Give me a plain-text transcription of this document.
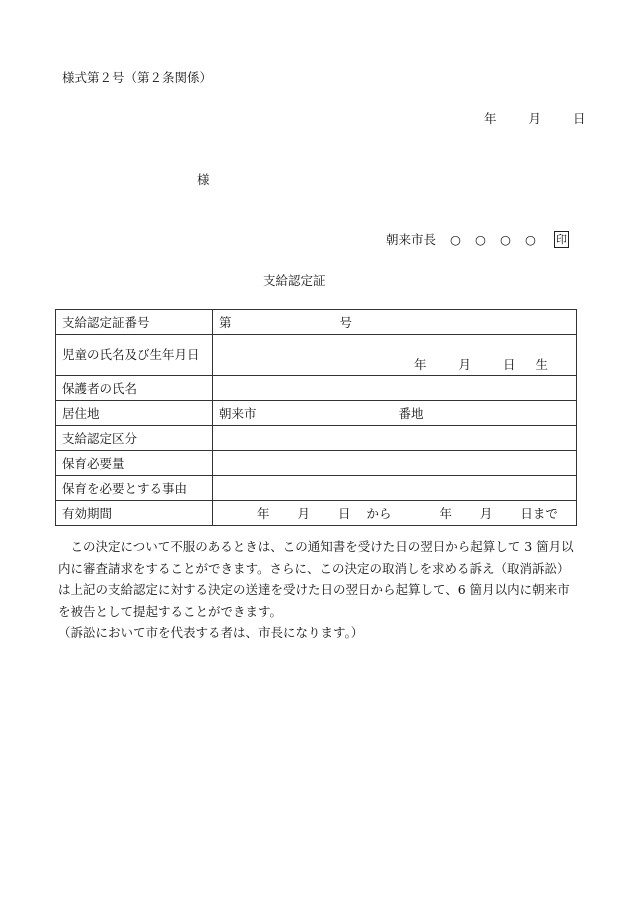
様式第２号（第２条関係）
年	月	日
様
朝来市長 ○ ○ ○ ○	印
支給認定証
支給認定証番号	第 号
児童の氏名及び生年月日	年 月 日 生

保護者の氏名	
居住地	朝来市 番地
支給認定区分	
保育必要量	
保育を必要とする事由	
有効期間	年 月 日 から 年 月 日まで

この決定について不服のあるときは、この通知書を受けた日の翌日から起算して 3 箇月以内に審査請求をすることができます。さらに、この決定の取消しを求める訴え（取消訴訟）は上記の支給認定に対する決定の送達を受けた日の翌日から起算して、6 箇月以内に朝来市を被告として提起することができます。

（訴訟において市を代表する者は、市長になります。）
